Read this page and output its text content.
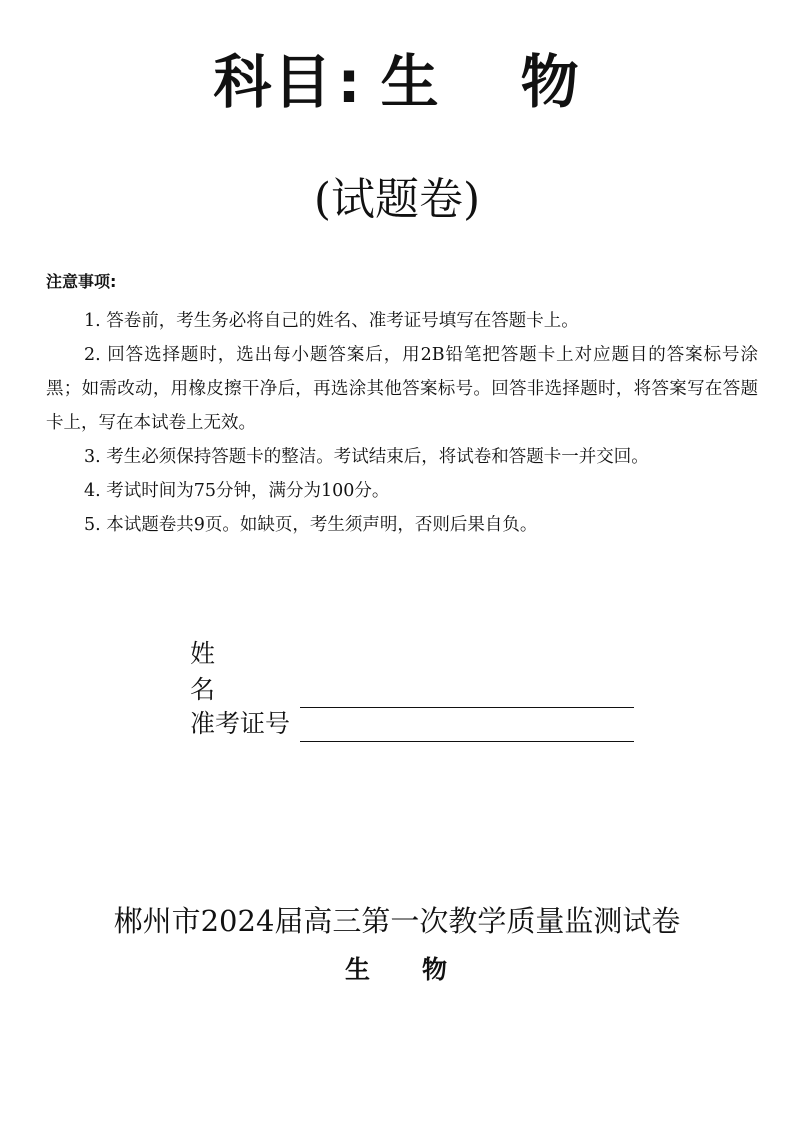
科目: 生 物
(试题卷)
注意事项:
1. 答卷前，考生务必将自己的姓名、准考证号填写在答题卡上。
2. 回答选择题时，选出每小题答案后，用2B铅笔把答题卡上对应题目的答案标号涂黑；如需改动，用橡皮擦干净后，再选涂其他答案标号。回答非选择题时，将答案写在答题卡上，写在本试卷上无效。
3. 考生必须保持答题卡的整洁。考试结束后，将试卷和答题卡一并交回。
4. 考试时间为75分钟，满分为100分。
5. 本试题卷共9页。如缺页，考生须声明，否则后果自负。
姓名
准考证号
郴州市2024届高三第一次教学质量监测试卷
生 物
